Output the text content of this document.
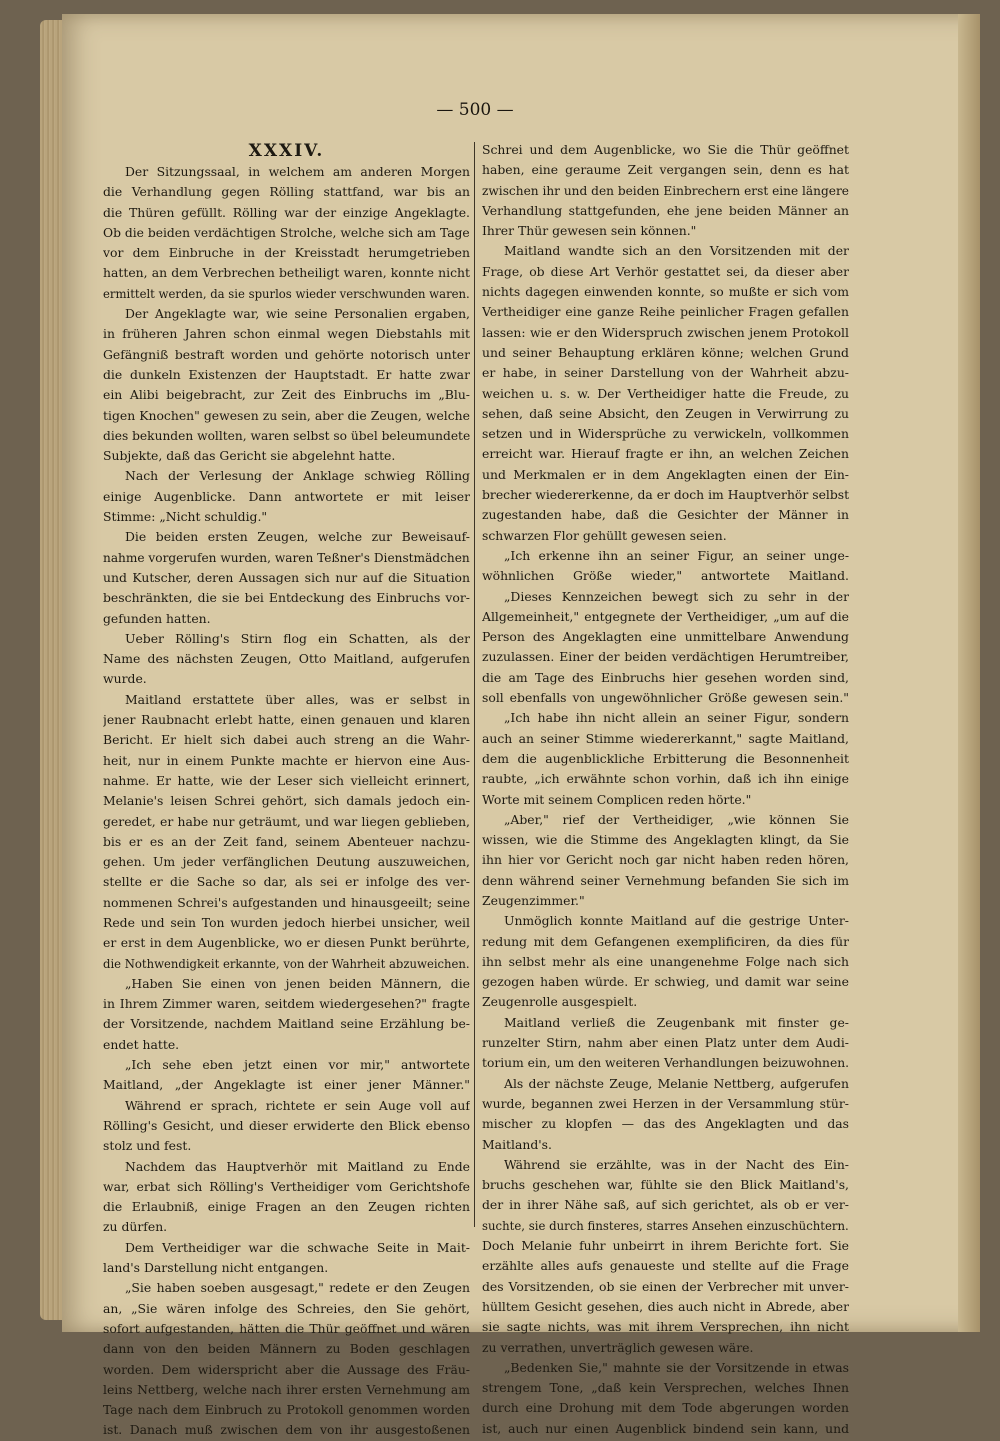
— 500 —
XXXIV.
Der Sitzungssaal, in welchem am anderen Morgen
die Verhandlung gegen Rölling stattfand, war bis an
die Thüren gefüllt. Rölling war der einzige Angeklagte.
Ob die beiden verdächtigen Strolche, welche sich am Tage
vor dem Einbruche in der Kreisstadt herumgetrieben
hatten, an dem Verbrechen betheiligt waren, konnte nicht
ermittelt werden, da sie spurlos wieder verschwunden waren.
Der Angeklagte war, wie seine Personalien ergaben,
in früheren Jahren schon einmal wegen Diebstahls mit
Gefängniß bestraft worden und gehörte notorisch unter
die dunkeln Existenzen der Hauptstadt. Er hatte zwar
ein Alibi beigebracht, zur Zeit des Einbruchs im „Blu-
tigen Knochen" gewesen zu sein, aber die Zeugen, welche
dies bekunden wollten, waren selbst so übel beleumundete
Subjekte, daß das Gericht sie abgelehnt hatte.
Nach der Verlesung der Anklage schwieg Rölling
einige Augenblicke. Dann antwortete er mit leiser
Stimme: „Nicht schuldig."
Die beiden ersten Zeugen, welche zur Beweisauf-
nahme vorgerufen wurden, waren Teßner's Dienstmädchen
und Kutscher, deren Aussagen sich nur auf die Situation
beschränkten, die sie bei Entdeckung des Einbruchs vor-
gefunden hatten.
Ueber Rölling's Stirn flog ein Schatten, als der
Name des nächsten Zeugen, Otto Maitland, aufgerufen
wurde.
Maitland erstattete über alles, was er selbst in
jener Raubnacht erlebt hatte, einen genauen und klaren
Bericht. Er hielt sich dabei auch streng an die Wahr-
heit, nur in einem Punkte machte er hiervon eine Aus-
nahme. Er hatte, wie der Leser sich vielleicht erinnert,
Melanie's leisen Schrei gehört, sich damals jedoch ein-
geredet, er habe nur geträumt, und war liegen geblieben,
bis er es an der Zeit fand, seinem Abenteuer nachzu-
gehen. Um jeder verfänglichen Deutung auszuweichen,
stellte er die Sache so dar, als sei er infolge des ver-
nommenen Schrei's aufgestanden und hinausgeeilt; seine
Rede und sein Ton wurden jedoch hierbei unsicher, weil
er erst in dem Augenblicke, wo er diesen Punkt berührte,
die Nothwendigkeit erkannte, von der Wahrheit abzuweichen.
„Haben Sie einen von jenen beiden Männern, die
in Ihrem Zimmer waren, seitdem wiedergesehen?" fragte
der Vorsitzende, nachdem Maitland seine Erzählung be-
endet hatte.
„Ich sehe eben jetzt einen vor mir," antwortete
Maitland, „der Angeklagte ist einer jener Männer."
Während er sprach, richtete er sein Auge voll auf
Rölling's Gesicht, und dieser erwiderte den Blick ebenso
stolz und fest.
Nachdem das Hauptverhör mit Maitland zu Ende
war, erbat sich Rölling's Vertheidiger vom Gerichtshofe
die Erlaubniß, einige Fragen an den Zeugen richten
zu dürfen.
Dem Vertheidiger war die schwache Seite in Mait-
land's Darstellung nicht entgangen.
„Sie haben soeben ausgesagt," redete er den Zeugen
an, „Sie wären infolge des Schreies, den Sie gehört,
sofort aufgestanden, hätten die Thür geöffnet und wären
dann von den beiden Männern zu Boden geschlagen
worden. Dem widerspricht aber die Aussage des Fräu-
leins Nettberg, welche nach ihrer ersten Vernehmung am
Tage nach dem Einbruch zu Protokoll genommen worden
ist. Danach muß zwischen dem von ihr ausgestoßenen
Schrei und dem Augenblicke, wo Sie die Thür geöffnet
haben, eine geraume Zeit vergangen sein, denn es hat
zwischen ihr und den beiden Einbrechern erst eine längere
Verhandlung stattgefunden, ehe jene beiden Männer an
Ihrer Thür gewesen sein können."
Maitland wandte sich an den Vorsitzenden mit der
Frage, ob diese Art Verhör gestattet sei, da dieser aber
nichts dagegen einwenden konnte, so mußte er sich vom
Vertheidiger eine ganze Reihe peinlicher Fragen gefallen
lassen: wie er den Widerspruch zwischen jenem Protokoll
und seiner Behauptung erklären könne; welchen Grund
er habe, in seiner Darstellung von der Wahrheit abzu-
weichen u. s. w. Der Vertheidiger hatte die Freude, zu
sehen, daß seine Absicht, den Zeugen in Verwirrung zu
setzen und in Widersprüche zu verwickeln, vollkommen
erreicht war. Hierauf fragte er ihn, an welchen Zeichen
und Merkmalen er in dem Angeklagten einen der Ein-
brecher wiedererkenne, da er doch im Hauptverhör selbst
zugestanden habe, daß die Gesichter der Männer in
schwarzen Flor gehüllt gewesen seien.
„Ich erkenne ihn an seiner Figur, an seiner unge-
wöhnlichen Größe wieder," antwortete Maitland.
„Dieses Kennzeichen bewegt sich zu sehr in der
Allgemeinheit," entgegnete der Vertheidiger, „um auf die
Person des Angeklagten eine unmittelbare Anwendung
zuzulassen. Einer der beiden verdächtigen Herumtreiber,
die am Tage des Einbruchs hier gesehen worden sind,
soll ebenfalls von ungewöhnlicher Größe gewesen sein."
„Ich habe ihn nicht allein an seiner Figur, sondern
auch an seiner Stimme wiedererkannt," sagte Maitland,
dem die augenblickliche Erbitterung die Besonnenheit
raubte, „ich erwähnte schon vorhin, daß ich ihn einige
Worte mit seinem Complicen reden hörte."
„Aber," rief der Vertheidiger, „wie können Sie
wissen, wie die Stimme des Angeklagten klingt, da Sie
ihn hier vor Gericht noch gar nicht haben reden hören,
denn während seiner Vernehmung befanden Sie sich im
Zeugenzimmer."
Unmöglich konnte Maitland auf die gestrige Unter-
redung mit dem Gefangenen exemplificiren, da dies für
ihn selbst mehr als eine unangenehme Folge nach sich
gezogen haben würde. Er schwieg, und damit war seine
Zeugenrolle ausgespielt.
Maitland verließ die Zeugenbank mit finster ge-
runzelter Stirn, nahm aber einen Platz unter dem Audi-
torium ein, um den weiteren Verhandlungen beizuwohnen.
Als der nächste Zeuge, Melanie Nettberg, aufgerufen
wurde, begannen zwei Herzen in der Versammlung stür-
mischer zu klopfen — das des Angeklagten und das
Maitland's.
Während sie erzählte, was in der Nacht des Ein-
bruchs geschehen war, fühlte sie den Blick Maitland's,
der in ihrer Nähe saß, auf sich gerichtet, als ob er ver-
suchte, sie durch finsteres, starres Ansehen einzuschüchtern.
Doch Melanie fuhr unbeirrt in ihrem Berichte fort. Sie
erzählte alles aufs genaueste und stellte auf die Frage
des Vorsitzenden, ob sie einen der Verbrecher mit unver-
hülltem Gesicht gesehen, dies auch nicht in Abrede, aber
sie sagte nichts, was mit ihrem Versprechen, ihn nicht
zu verrathen, unverträglich gewesen wäre.
„Bedenken Sie," mahnte sie der Vorsitzende in etwas
strengem Tone, „daß kein Versprechen, welches Ihnen
durch eine Drohung mit dem Tode abgerungen worden
ist, auch nur einen Augenblick bindend sein kann, und
